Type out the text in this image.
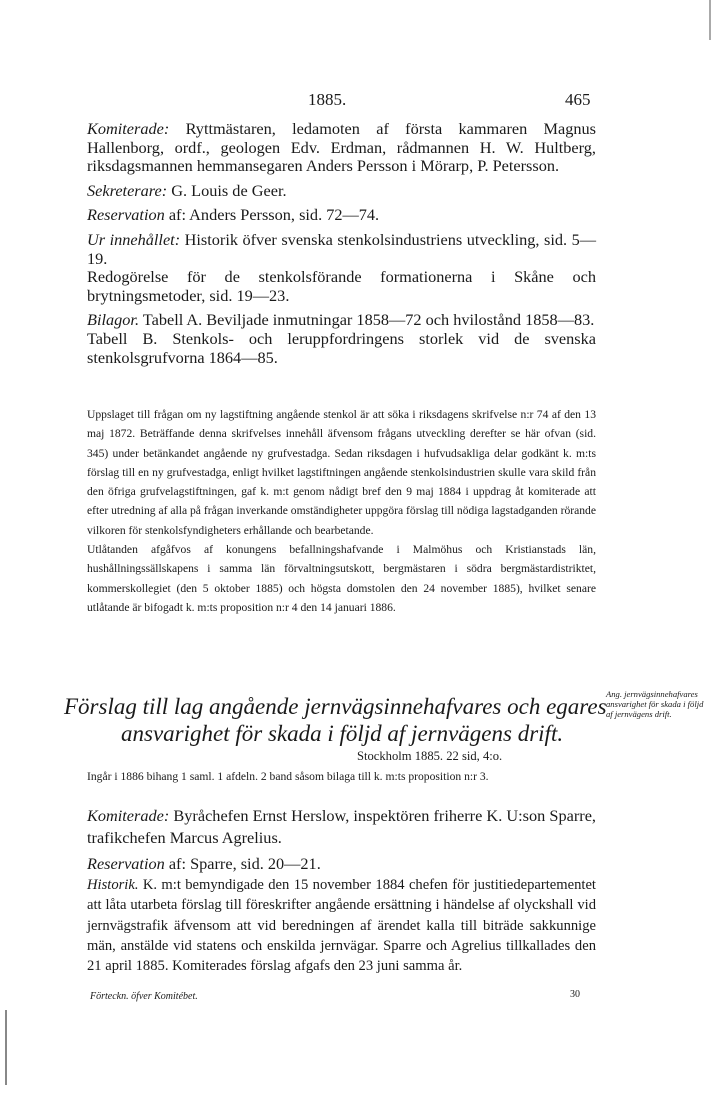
1885.	465

Komiterade: Ryttmästaren, ledamoten af första kammaren Magnus Hallenborg, ordf., geologen Edv. Erdman, rådmannen H. W. Hultberg, riksdagsmannen hemmansegaren Anders Persson i Mörarp, P. Petersson.

Sekreterare: G. Louis de Geer.

Reservation af: Anders Persson, sid. 72—74.

Ur innehållet: Historik öfver svenska stenkolsindustriens utveckling, sid. 5—19.

Redogörelse för de stenkolsförande formationerna i Skåne och brytningsmetoder, sid. 19—23.

Bilagor. Tabell A. Beviljade inmutningar 1858—72 och hvilostånd 1858—83.

Tabell B. Stenkols- och leruppfordringens storlek vid de svenska stenkolsgrufvorna 1864—85.

Uppslaget till frågan om ny lagstiftning angående stenkol är att söka i riksdagens skrifvelse n:r 74 af den 13 maj 1872. Beträffande denna skrifvelses innehåll äfvensom frågans utveckling derefter se här ofvan (sid. 345) under betänkandet angående ny grufvestadga. Sedan riksdagen i hufvudsakliga delar godkänt k. m:ts förslag till en ny grufvestadga, enligt hvilket lagstiftningen angående stenkolsindustrien skulle vara skild från den öfriga grufvelagstiftningen, gaf k. m:t genom nådigt bref den 9 maj 1884 i uppdrag åt komiterade att efter utredning af alla på frågan inverkande omständigheter uppgöra förslag till nödiga lagstadganden rörande vilkoren för stenkolsfyndigheters erhållande och bearbetande.

Utlåtanden afgåfvos af konungens befallningshafvande i Malmöhus och Kristianstads län, hushållningssällskapens i samma län förvaltningsutskott, bergmästaren i södra bergmästardistriktet, kommerskollegiet (den 5 oktober 1885) och högsta domstolen den 24 november 1885), hvilket senare utlåtande är bifogadt k. m:ts proposition n:r 4 den 14 januari 1886.

Förslag till lag angående jernvägsinnehafvares och egares
ansvarighet för skada i följd af jernvägens drift.
Ang. jernvägsinnehafvares ansvarighet för skada i följd af jernvägens drift.
Stockholm 1885. 22 sid, 4:o.

Ingår i 1886 bihang 1 saml. 1 afdeln. 2 band såsom bilaga till k. m:ts proposition n:r 3.

Komiterade: Byråchefen Ernst Herslow, inspektören friherre K. U:son Sparre, trafikchefen Marcus Agrelius.

Reservation af: Sparre, sid. 20—21.

Historik. K. m:t bemyndigade den 15 november 1884 chefen för justitiedepartementet att låta utarbeta förslag till föreskrifter angående ersättning i händelse af olyckshall vid jernvägstrafik äfvensom att vid beredningen af ärendet kalla till biträde sakkunnige män, anstälde vid statens och enskilda jernvägar. Sparre och Agrelius tillkallades den 21 april 1885. Komiterades förslag afgafs den 23 juni samma år.

Förteckn. öfver Komitébet.	30
